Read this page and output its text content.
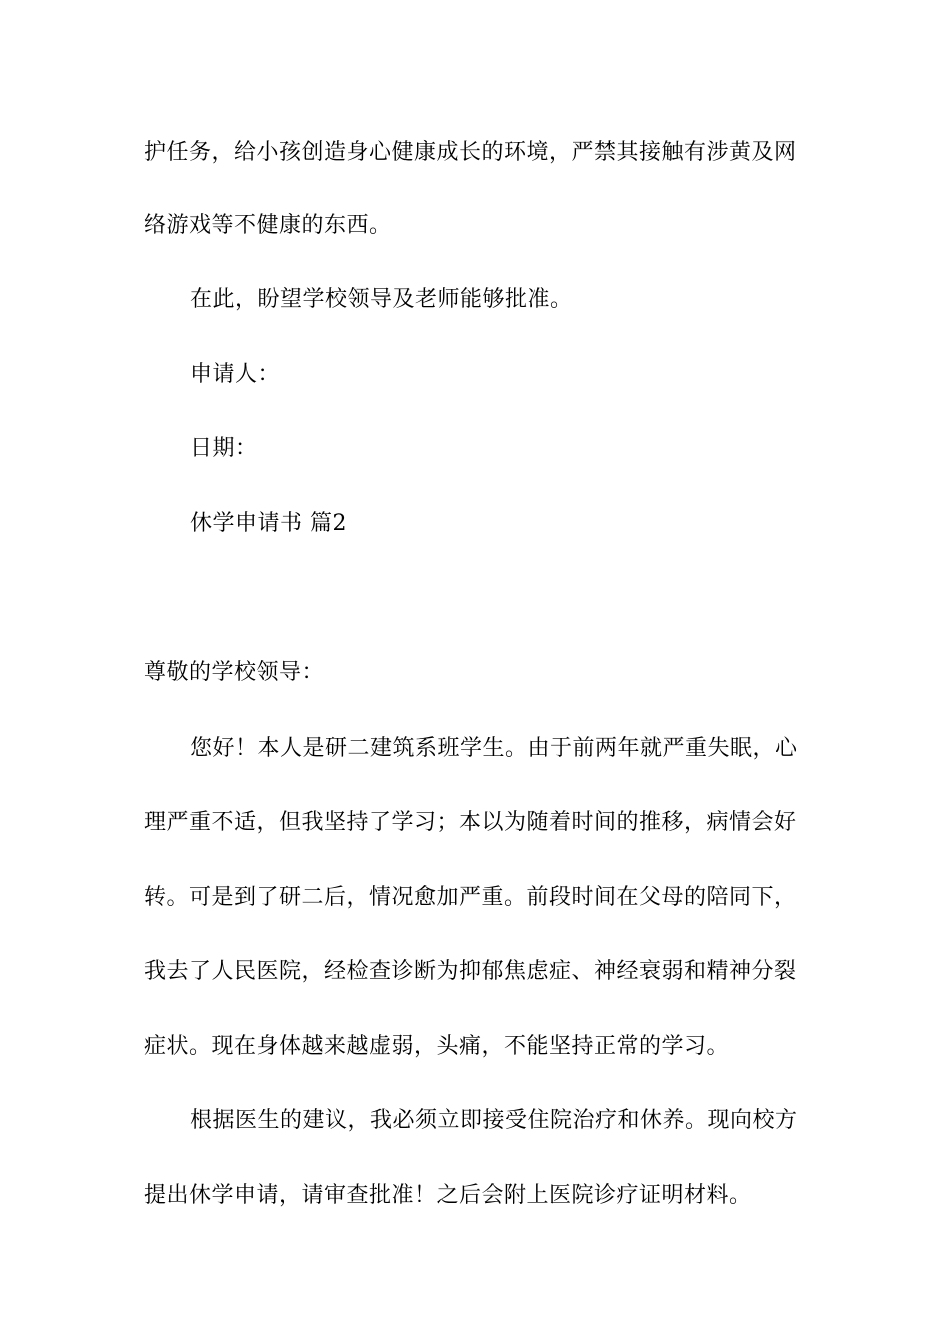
护任务，给小孩创造身心健康成长的环境，严禁其接触有涉黄及网
络游戏等不健康的东西。
在此，盼望学校领导及老师能够批准。
申请人：
日期：
休学申请书 篇2
尊敬的学校领导：
您好！本人是研二建筑系班学生。由于前两年就严重失眠，心
理严重不适，但我坚持了学习；本以为随着时间的推移，病情会好
转。可是到了研二后，情况愈加严重。前段时间在父母的陪同下，
我去了人民医院，经检查诊断为抑郁焦虑症、神经衰弱和精神分裂
症状。现在身体越来越虚弱，头痛，不能坚持正常的学习。
根据医生的建议，我必须立即接受住院治疗和休养。现向校方
提出休学申请，请审查批准！之后会附上医院诊疗证明材料。
